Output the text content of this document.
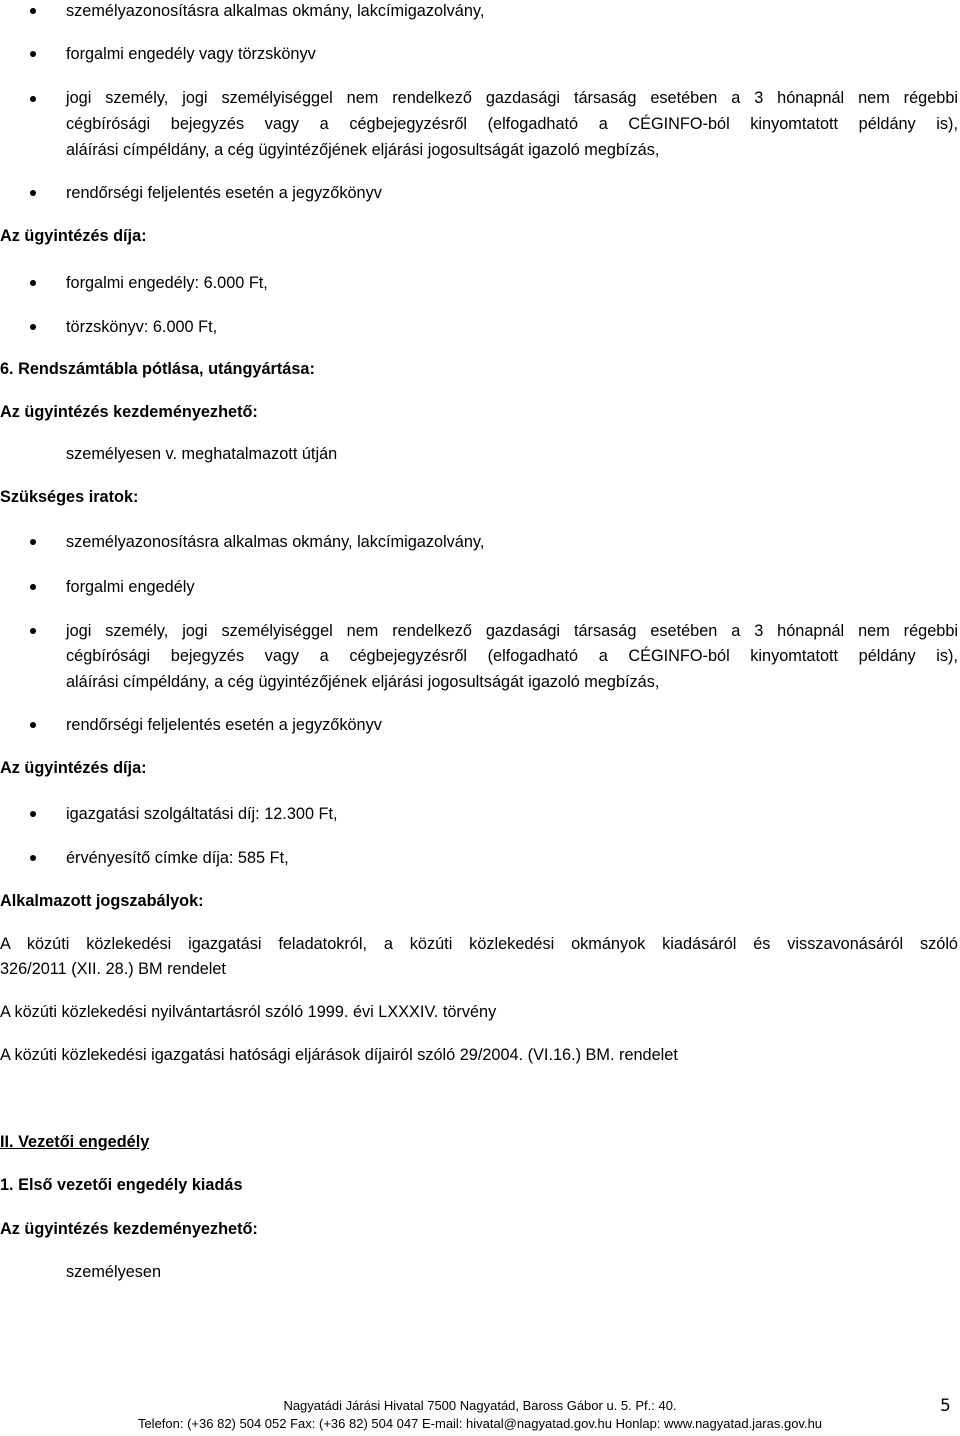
személyazonosításra alkalmas okmány, lakcímigazolvány,
forgalmi engedély vagy törzskönyv
jogi személy, jogi személyiséggel nem rendelkező gazdasági társaság esetében a 3 hónapnál nem régebbi
cégbírósági bejegyzés vagy a cégbejegyzésről (elfogadható a CÉGINFO-ból kinyomtatott példány is),
aláírási címpéldány, a cég ügyintézőjének eljárási jogosultságát igazoló megbízás,
rendőrségi feljelentés esetén a jegyzőkönyv
Az ügyintézés díja:
forgalmi engedély: 6.000 Ft,
törzskönyv: 6.000 Ft,
6. Rendszámtábla pótlása, utángyártása:
Az ügyintézés kezdeményezhető:
személyesen v. meghatalmazott útján
Szükséges iratok:
személyazonosításra alkalmas okmány, lakcímigazolvány,
forgalmi engedély
jogi személy, jogi személyiséggel nem rendelkező gazdasági társaság esetében a 3 hónapnál nem régebbi
cégbírósági bejegyzés vagy a cégbejegyzésről (elfogadható a CÉGINFO-ból kinyomtatott példány is),
aláírási címpéldány, a cég ügyintézőjének eljárási jogosultságát igazoló megbízás,
rendőrségi feljelentés esetén a jegyzőkönyv
Az ügyintézés díja:
igazgatási szolgáltatási díj: 12.300 Ft,
érvényesítő címke díja: 585 Ft,
Alkalmazott jogszabályok:
A közúti közlekedési igazgatási feladatokról, a közúti közlekedési okmányok kiadásáról és visszavonásáról szóló
326/2011 (XII. 28.) BM rendelet
A közúti közlekedési nyilvántartásról szóló 1999. évi LXXXIV. törvény
A közúti közlekedési igazgatási hatósági eljárások díjairól szóló 29/2004. (VI.16.) BM. rendelet
II. Vezetői engedély
1. Első vezetői engedély kiadás
Az ügyintézés kezdeményezhető:
személyesen
Nagyatádi Járási Hivatal 7500 Nagyatád, Baross Gábor u. 5. Pf.: 40.
Telefon: (+36 82) 504 052 Fax: (+36 82) 504 047 E-mail: hivatal@nagyatad.gov.hu Honlap: www.nagyatad.jaras.gov.hu
5
